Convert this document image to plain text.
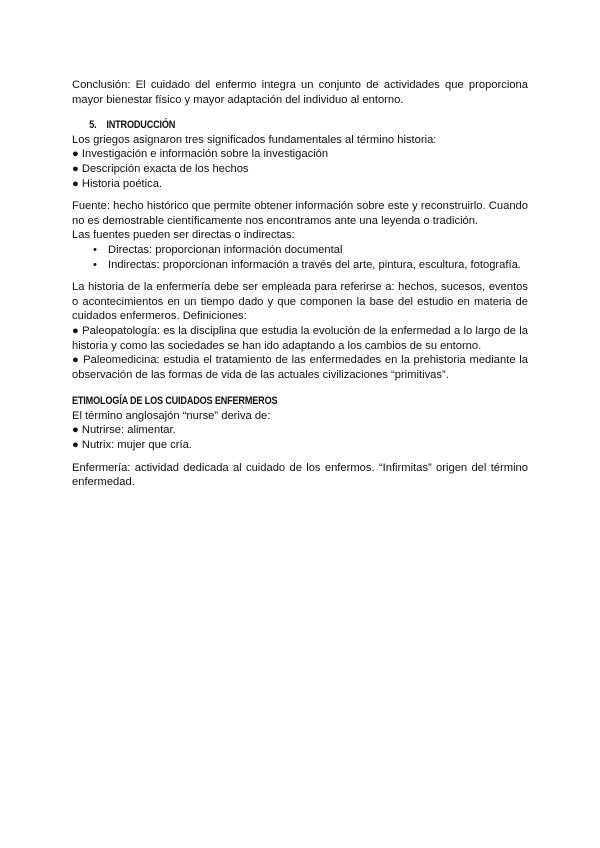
Conclusión: El cuidado del enfermo integra un conjunto de actividades que proporciona mayor bienestar físico y mayor adaptación del individuo al entorno.

5. INTRODUCCIÓN

Los griegos asignaron tres significados fundamentales al término historia:

● Investigación e información sobre la investigación

● Descripción exacta de los hechos

● Historia poética.

Fuente: hecho histórico que permite obtener información sobre este y reconstruirlo. Cuando no es demostrable científicamente nos encontramos ante una leyenda o tradición.

Las fuentes pueden ser directas o indirectas:

• Directas: proporcionan información documental
• Indirectas: proporcionan información a través del arte, pintura, escultura, fotografía.

La historia de la enfermería debe ser empleada para referirse a: hechos, sucesos, eventos o acontecimientos en un tiempo dado y que componen la base del estudio en materia de cuidados enfermeros. Definiciones:

● Paleopatología: es la disciplina que estudia la evolución de la enfermedad a lo largo de la historia y como las sociedades se han ido adaptando a los cambios de su entorno.

● Paleomedicina: estudia el tratamiento de las enfermedades en la prehistoria mediante la observación de las formas de vida de las actuales civilizaciones “primitivas”.

ETIMOLOGÍA DE LOS CUIDADOS ENFERMEROS

El término anglosajón “nurse” deriva de:

● Nutrirse: alimentar.

● Nutrix: mujer que cría.

Enfermería: actividad dedicada al cuidado de los enfermos. “Infirmitas” origen del término enfermedad.
